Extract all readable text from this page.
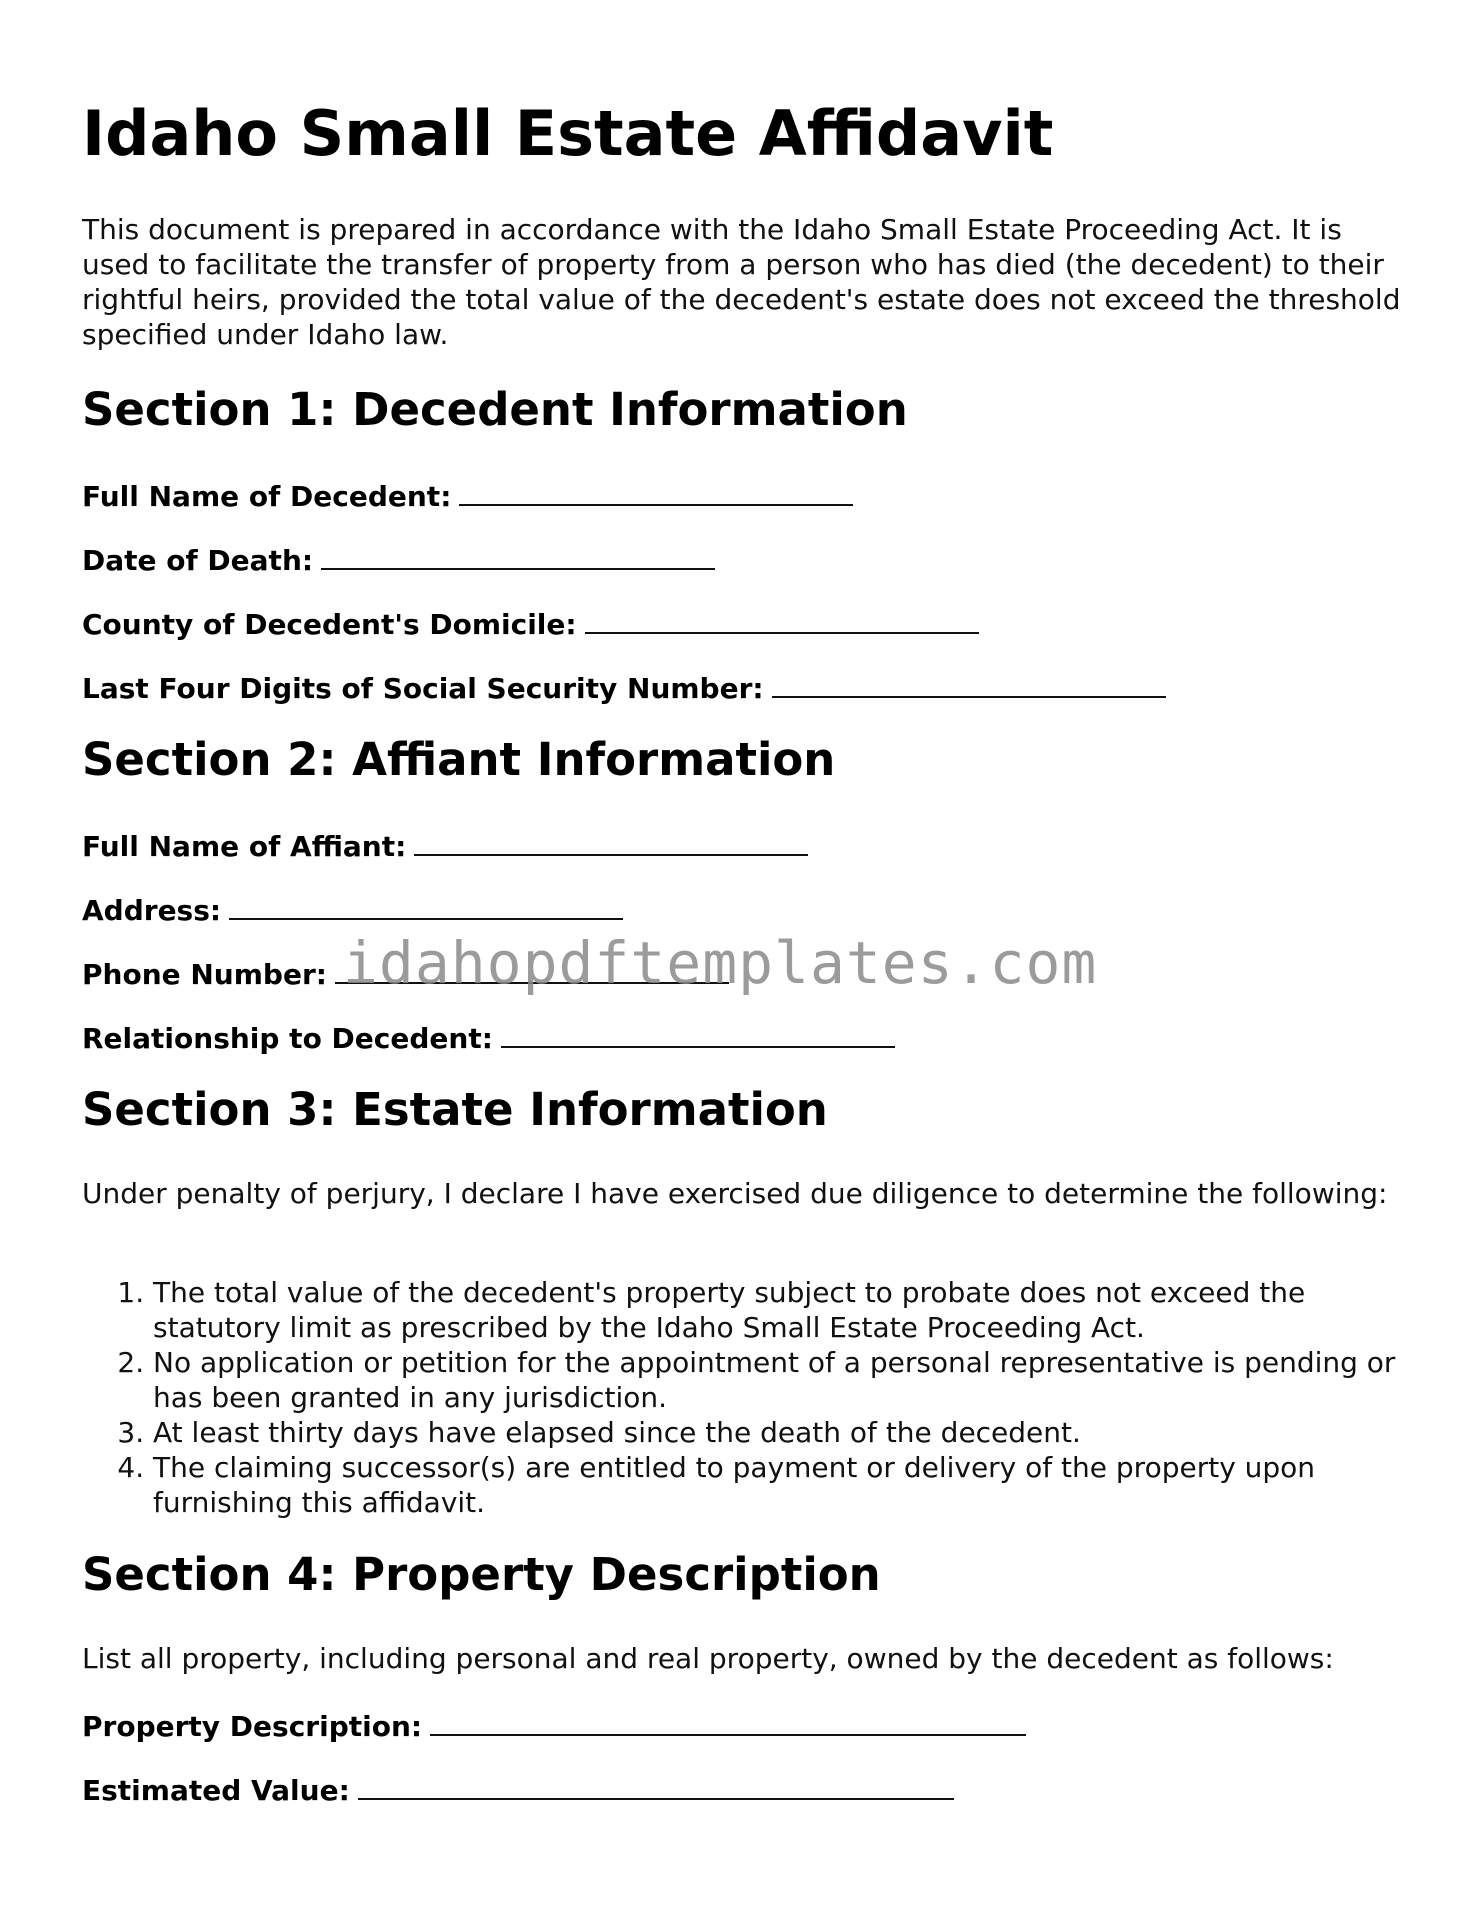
Idaho Small Estate Affidavit

This document is prepared in accordance with the Idaho Small Estate Proceeding Act. It is used to facilitate the transfer of property from a person who has died (the decedent) to their rightful heirs, provided the total value of the decedent's estate does not exceed the threshold specified under Idaho law.

Section 1: Decedent Information
Full Name of Decedent:
Date of Death:
County of Decedent's Domicile:
Last Four Digits of Social Security Number:
Section 2: Affiant Information
Full Name of Affiant:
Address:
Phone Number:
Relationship to Decedent:
Section 3: Estate Information

Under penalty of perjury, I declare I have exercised due diligence to determine the following:

1. The total value of the decedent's property subject to probate does not exceed the statutory limit as prescribed by the Idaho Small Estate Proceeding Act.
2. No application or petition for the appointment of a personal representative is pending or has been granted in any jurisdiction.
3. At least thirty days have elapsed since the death of the decedent.
4. The claiming successor(s) are entitled to payment or delivery of the property upon furnishing this affidavit.
Section 4: Property Description

List all property, including personal and real property, owned by the decedent as follows:

Property Description:
Estimated Value:
idahopdftemplates.com
